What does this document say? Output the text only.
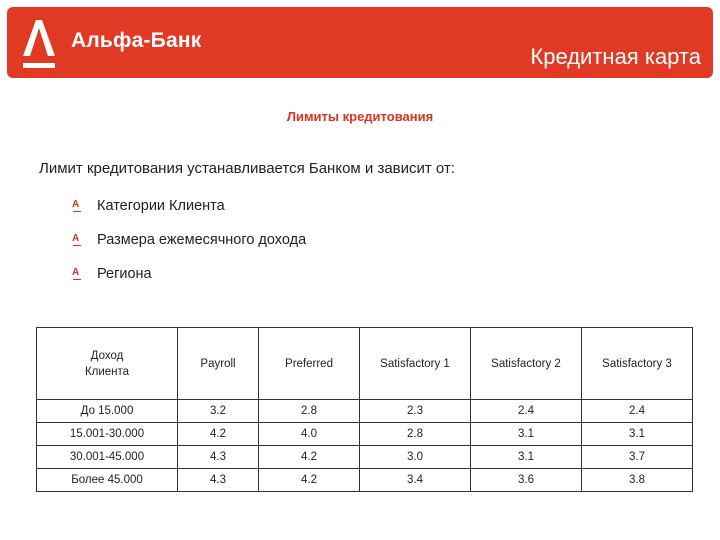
Альфа-Банк
Кредитная карта
Лимиты кредитования
Лимит кредитования устанавливается Банком и зависит от:
A	Категории Клиента
A	Размера ежемесячного дохода
A	Региона
Доход Клиента	Payroll	Preferred	Satisfactory 1	Satisfactory 2	Satisfactory 3
До 15.000	3.2	2.8	2.3	2.4	2.4
15.001-30.000	4.2	4.0	2.8	3.1	3.1
30.001-45.000	4.3	4.2	3.0	3.1	3.7
Более 45.000	4.3	4.2	3.4	3.6	3.8
